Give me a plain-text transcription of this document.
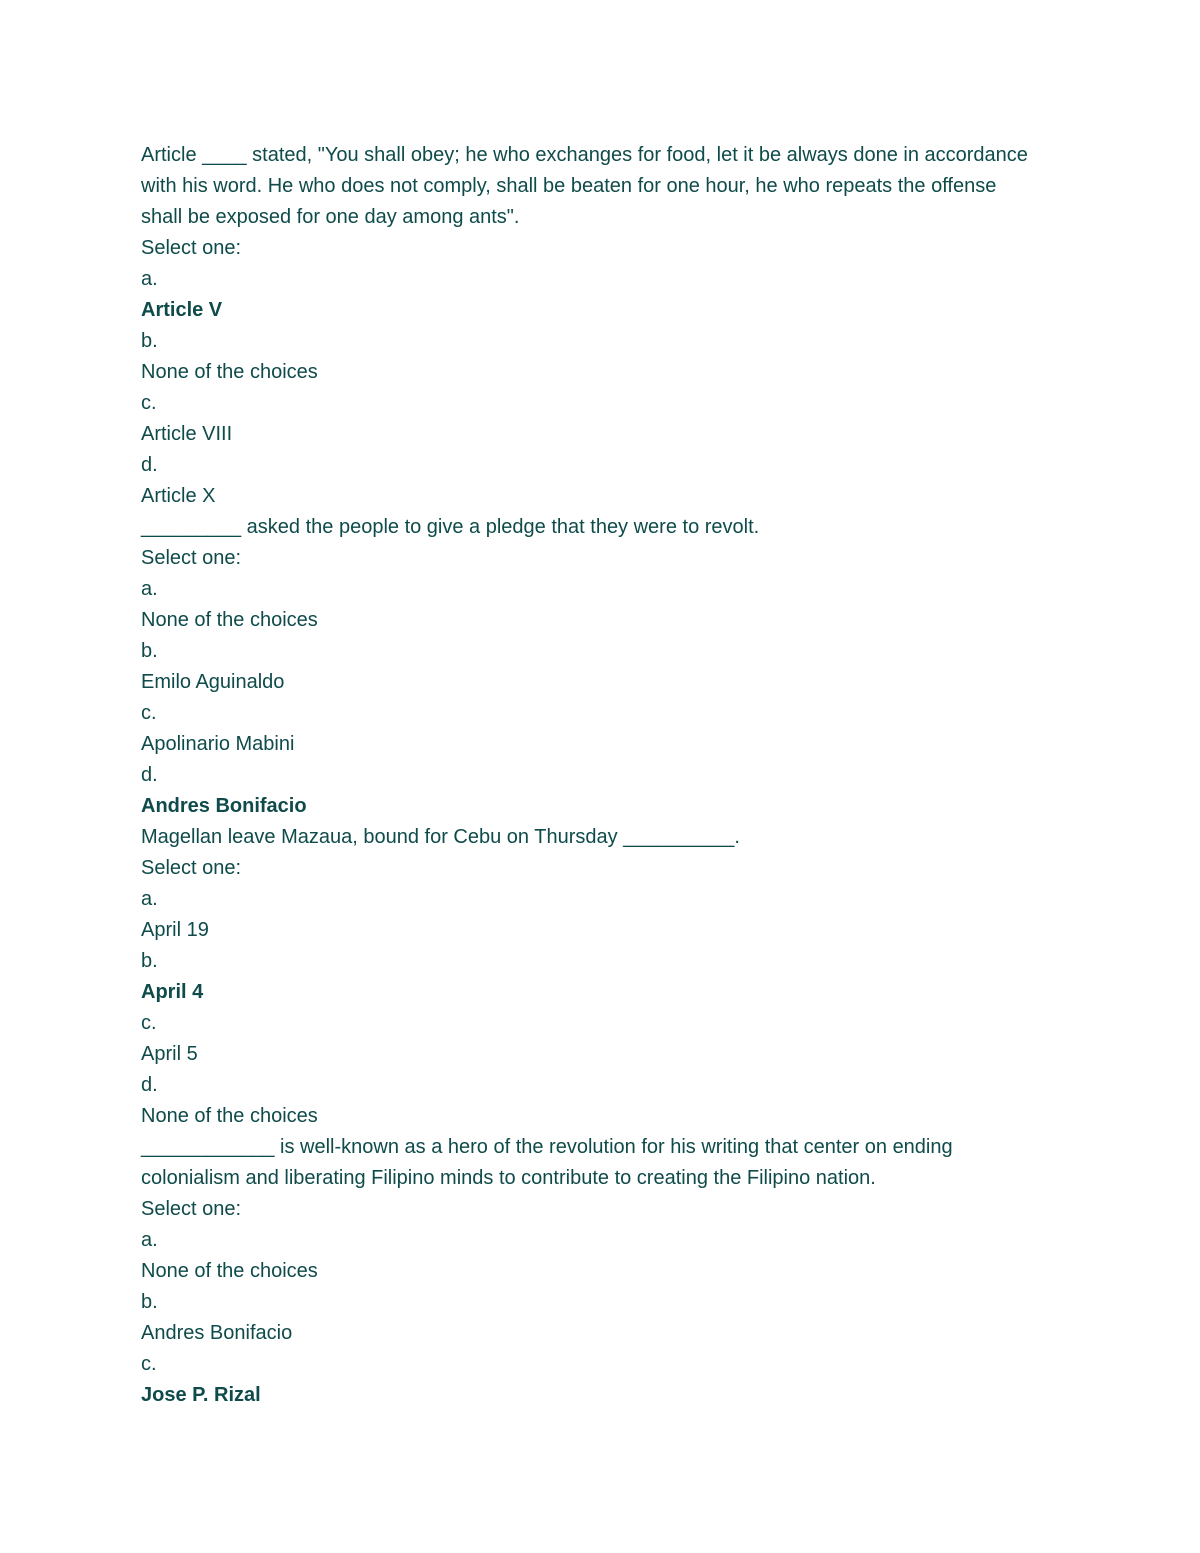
Article ____ stated, "You shall obey; he who exchanges for food, let it be always done in accordance with his word. He who does not comply, shall be beaten for one hour, he who repeats the offense shall be exposed for one day among ants".

Select one:

a.

Article V

b.

None of the choices

c.

Article VIII

d.

Article X

_________ asked the people to give a pledge that they were to revolt.

Select one:

a.

None of the choices

b.

Emilo Aguinaldo

c.

Apolinario Mabini

d.

Andres Bonifacio

Magellan leave Mazaua, bound for Cebu on Thursday __________.

Select one:

a.

April 19

b.

April 4

c.

April 5

d.

None of the choices

____________ is well-known as a hero of the revolution for his writing that center on ending colonialism and liberating Filipino minds to contribute to creating the Filipino nation.

Select one:

a.

None of the choices

b.

Andres Bonifacio

c.

Jose P. Rizal
